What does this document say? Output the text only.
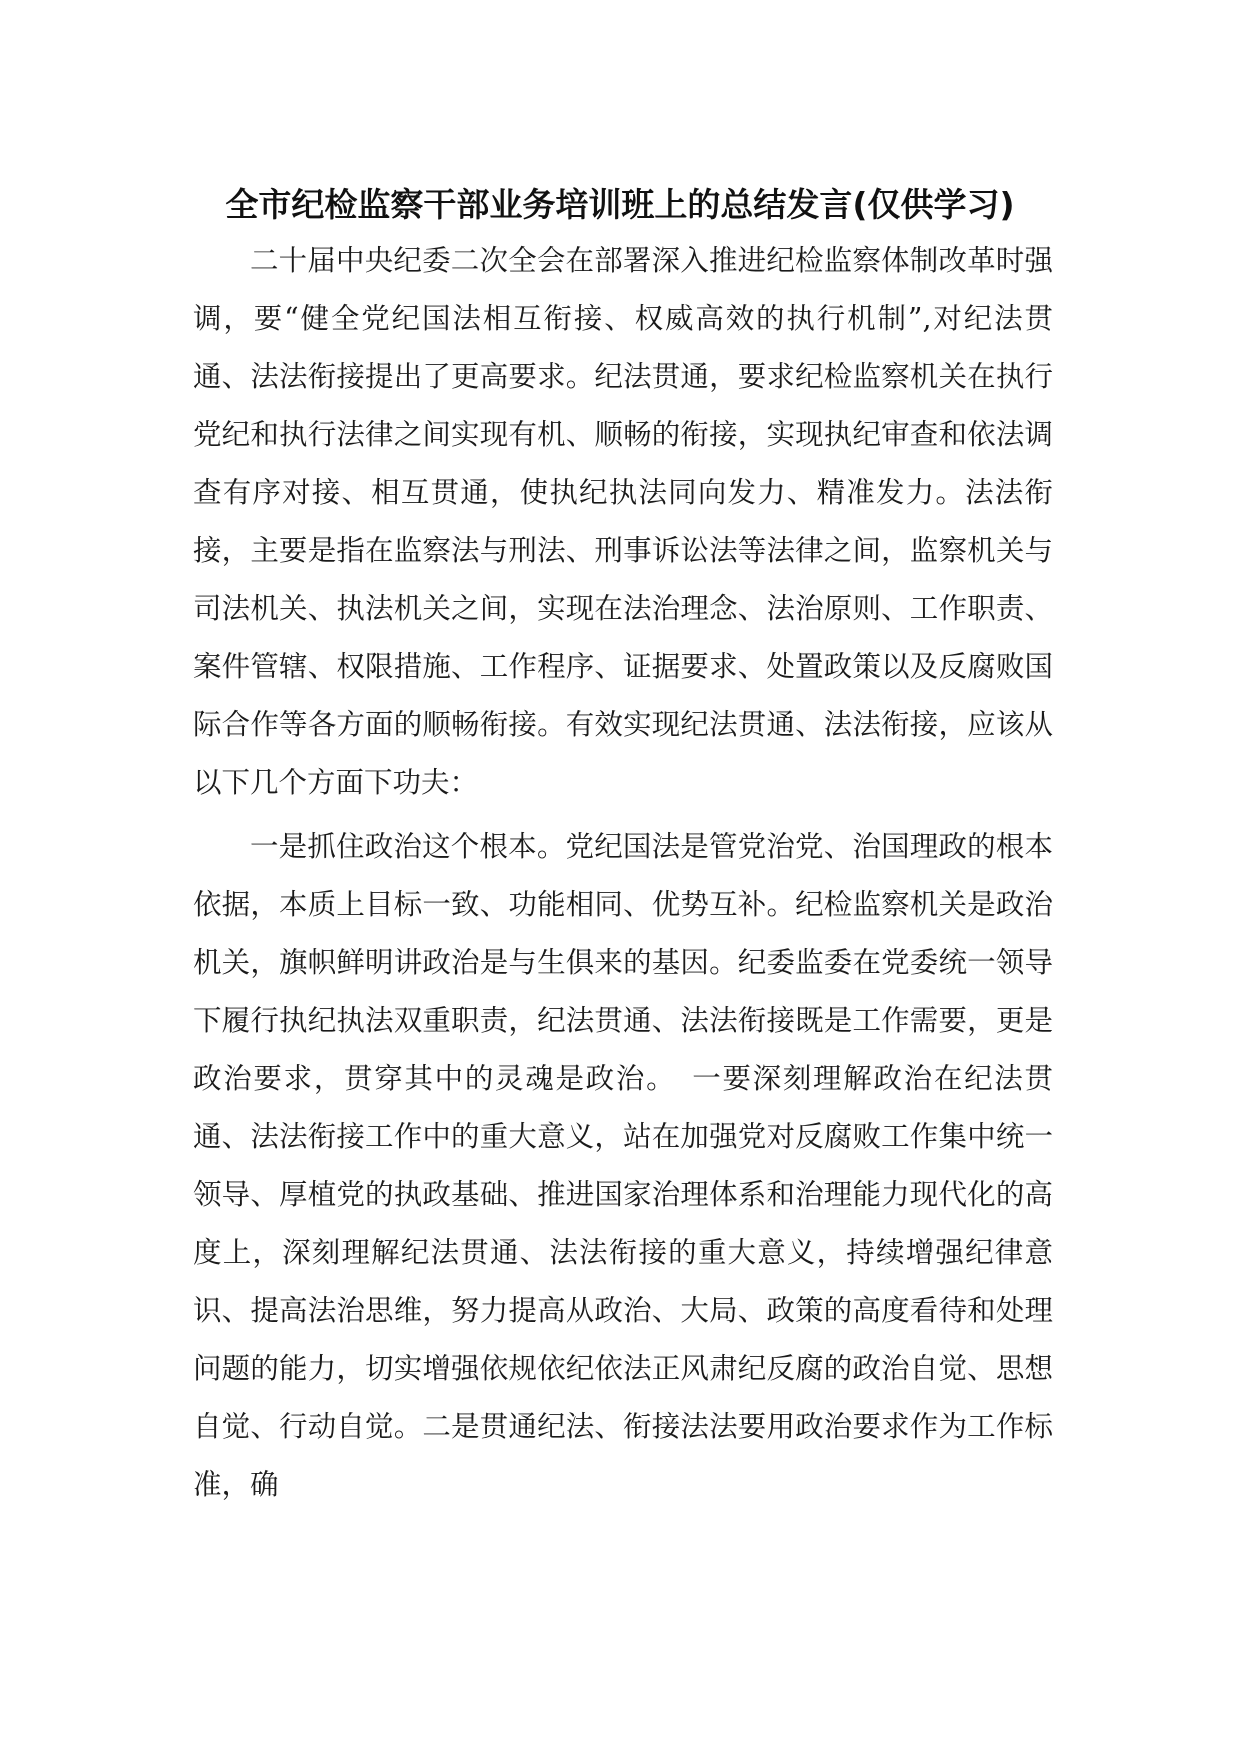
全市纪检监察干部业务培训班上的总结发言(仅供学习)

二十届中央纪委二次全会在部署深入推进纪检监察体制改革时强调，要“健全党纪国法相互衔接、权威高效的执行机制”,对纪法贯通、法法衔接提出了更高要求。纪法贯通，要求纪检监察机关在执行党纪和执行法律之间实现有机、顺畅的衔接，实现执纪审查和依法调查有序对接、相互贯通，使执纪执法同向发力、精准发力。法法衔接，主要是指在监察法与刑法、刑事诉讼法等法律之间，监察机关与司法机关、执法机关之间，实现在法治理念、法治原则、工作职责、案件管辖、权限措施、工作程序、证据要求、处置政策以及反腐败国际合作等各方面的顺畅衔接。有效实现纪法贯通、法法衔接，应该从以下几个方面下功夫：

一是抓住政治这个根本。党纪国法是管党治党、治国理政的根本依据，本质上目标一致、功能相同、优势互补。纪检监察机关是政治机关，旗帜鲜明讲政治是与生俱来的基因。纪委监委在党委统一领导下履行执纪执法双重职责，纪法贯通、法法衔接既是工作需要，更是政治要求，贯穿其中的灵魂是政治。　一要深刻理解政治在纪法贯通、法法衔接工作中的重大意义，站在加强党对反腐败工作集中统一领导、厚植党的执政基础、推进国家治理体系和治理能力现代化的高度上，深刻理解纪法贯通、法法衔接的重大意义，持续增强纪律意识、提高法治思维，努力提高从政治、大局、政策的高度看待和处理问题的能力，切实增强依规依纪依法正风肃纪反腐的政治自觉、思想自觉、行动自觉。二是贯通纪法、衔接法法要用政治要求作为工作标准，确
